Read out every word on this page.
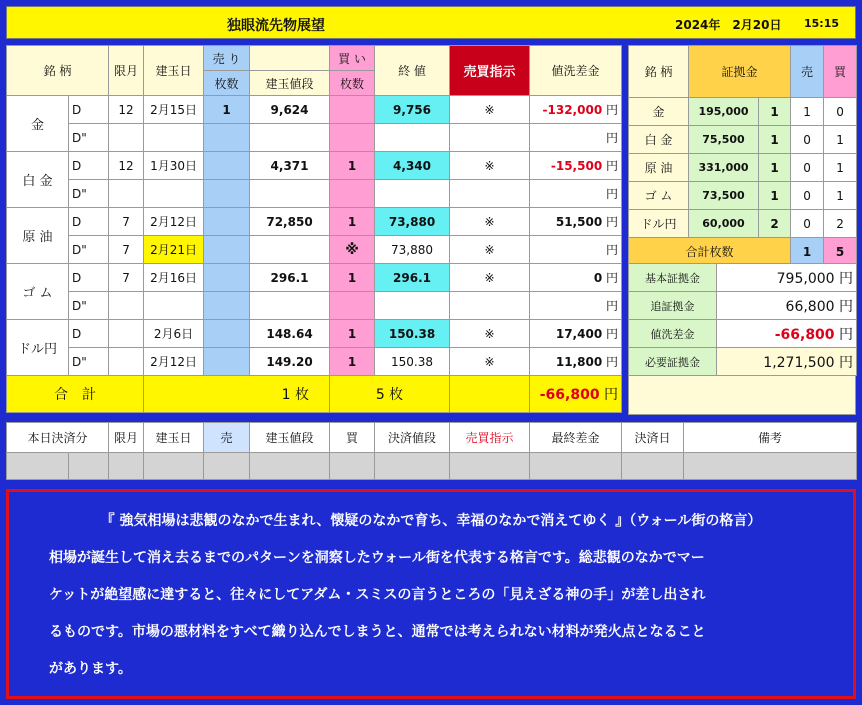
独眼流先物展望	2024年　2月20日 15:15
銘 柄		限月	建玉日	売 り		買 い	終 値	売買指示	値洗差金
				枚数	建玉値段	枚数			
金	D	12	2月15日	1	9,624		9,756	※	-132,000 円
	D"								円
白 金	D	12	1月30日		4,371	1	4,340	※	-15,500 円
	D"								円
原 油	D	7	2月12日		72,850	1	73,880	※	51,500 円
	D"	7	2月21日			※	73,880	※	円
ゴ ム	D	7	2月16日		296.1	1	296.1	※	0 円
	D"								円
ドル円	D		2月6日		148.64	1	150.38	※	17,400 円
	D"		2月12日		149.20	1	150.38	※	11,800 円
合　計			1 枚			5 枚			-66,800 円
銘 柄	証拠金		売	買
金	195,000	1	1	0
白 金	75,500	1	0	1
原 油	331,000	1	0	1
ゴ ム	73,500	1	0	1
ドル円	60,000	2	0	2
合計枚数			1	5
基本証拠金	795,000 円
追証拠金	66,800 円
値洗差金	-66,800 円
必要証拠金	1,271,500 円
本日決済分		限月	建玉日	売	建玉値段	買	決済値段	売買指示	最終差金	決済日	備考

『 強気相場は悲観のなかで生まれ、懐疑のなかで育ち、幸福のなかで消えてゆく 』（ウォール街の格言）
相場が誕生して消え去るまでのパターンを洞察したウォール街を代表する格言です。総悲観のなかでマー
ケットが絶望感に達すると、往々にしてアダム・スミスの言うところの「見えざる神の手」が差し出され
るものです。市場の悪材料をすべて織り込んでしまうと、通常では考えられない材料が発火点となること
があります。
